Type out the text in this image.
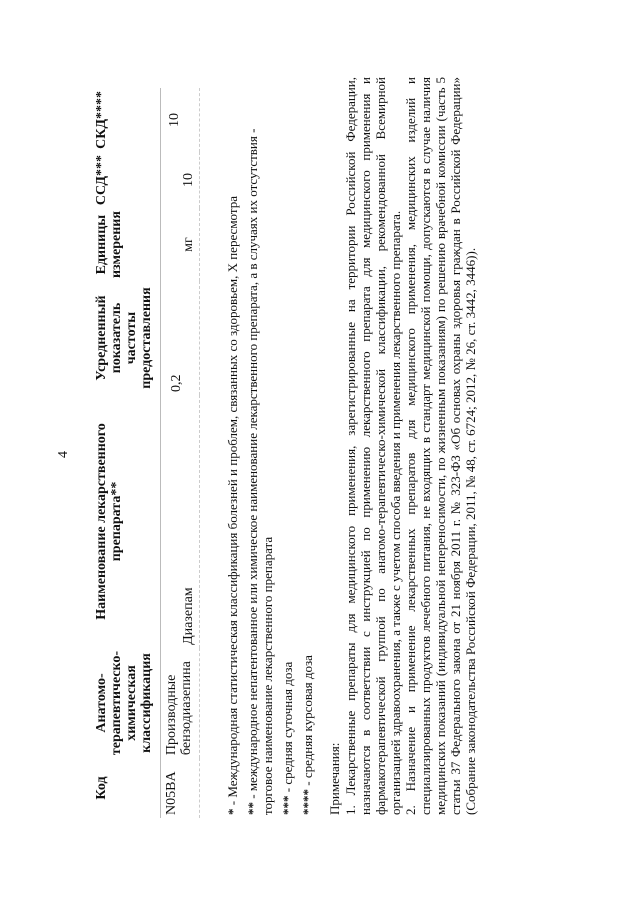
4
Код	Анатомо-терапевтическо-химическая классификация	Наименование лекарственного препарата**	Усредненный показатель частоты предоставления	Единицы измерения	ССД***	СКД****
N05BA	Производные бензодиазепина	Диазепам	0,2	мг	10	10

* - Международная статистическая классификация болезней и проблем, связанных со здоровьем, X пересмотра ** - международное непатентованное или химическое наименование лекарственного препарата, а в случаях их отсутствия - торговое наименование лекарственного препарата *** - средняя суточная доза

**** - средняя курсовая доза Примечания: 1. Лекарственные препараты для медицинского применения, зарегистрированные на территории Российской Федерации, назначаются в соответствии с инструкцией по применению лекарственного препарата для медицинского применения и фармакотерапевтической группой по анатомо-терапевтическо-химической классификации, рекомендованной Всемирной организацией здравоохранения, а также с учетом способа введения и применения лекарственного препарата. 2. Назначение и применение лекарственных препаратов для медицинского применения, медицинских изделий и специализированных продуктов лечебного питания, не входящих в стандарт медицинской помощи, допускаются в случае наличия медицинских показаний (индивидуальной непереносимости, по жизненным показаниям) по решению врачебной комиссии (часть 5 статьи 37 Федерального закона от 21 ноября 2011 г. № 323-ФЗ «Об основах охраны здоровья граждан в Российской Федерации» (Собрание законодательства Российской Федерации, 2011, № 48, ст. 6724; 2012, № 26, ст. 3442, 3446)).
